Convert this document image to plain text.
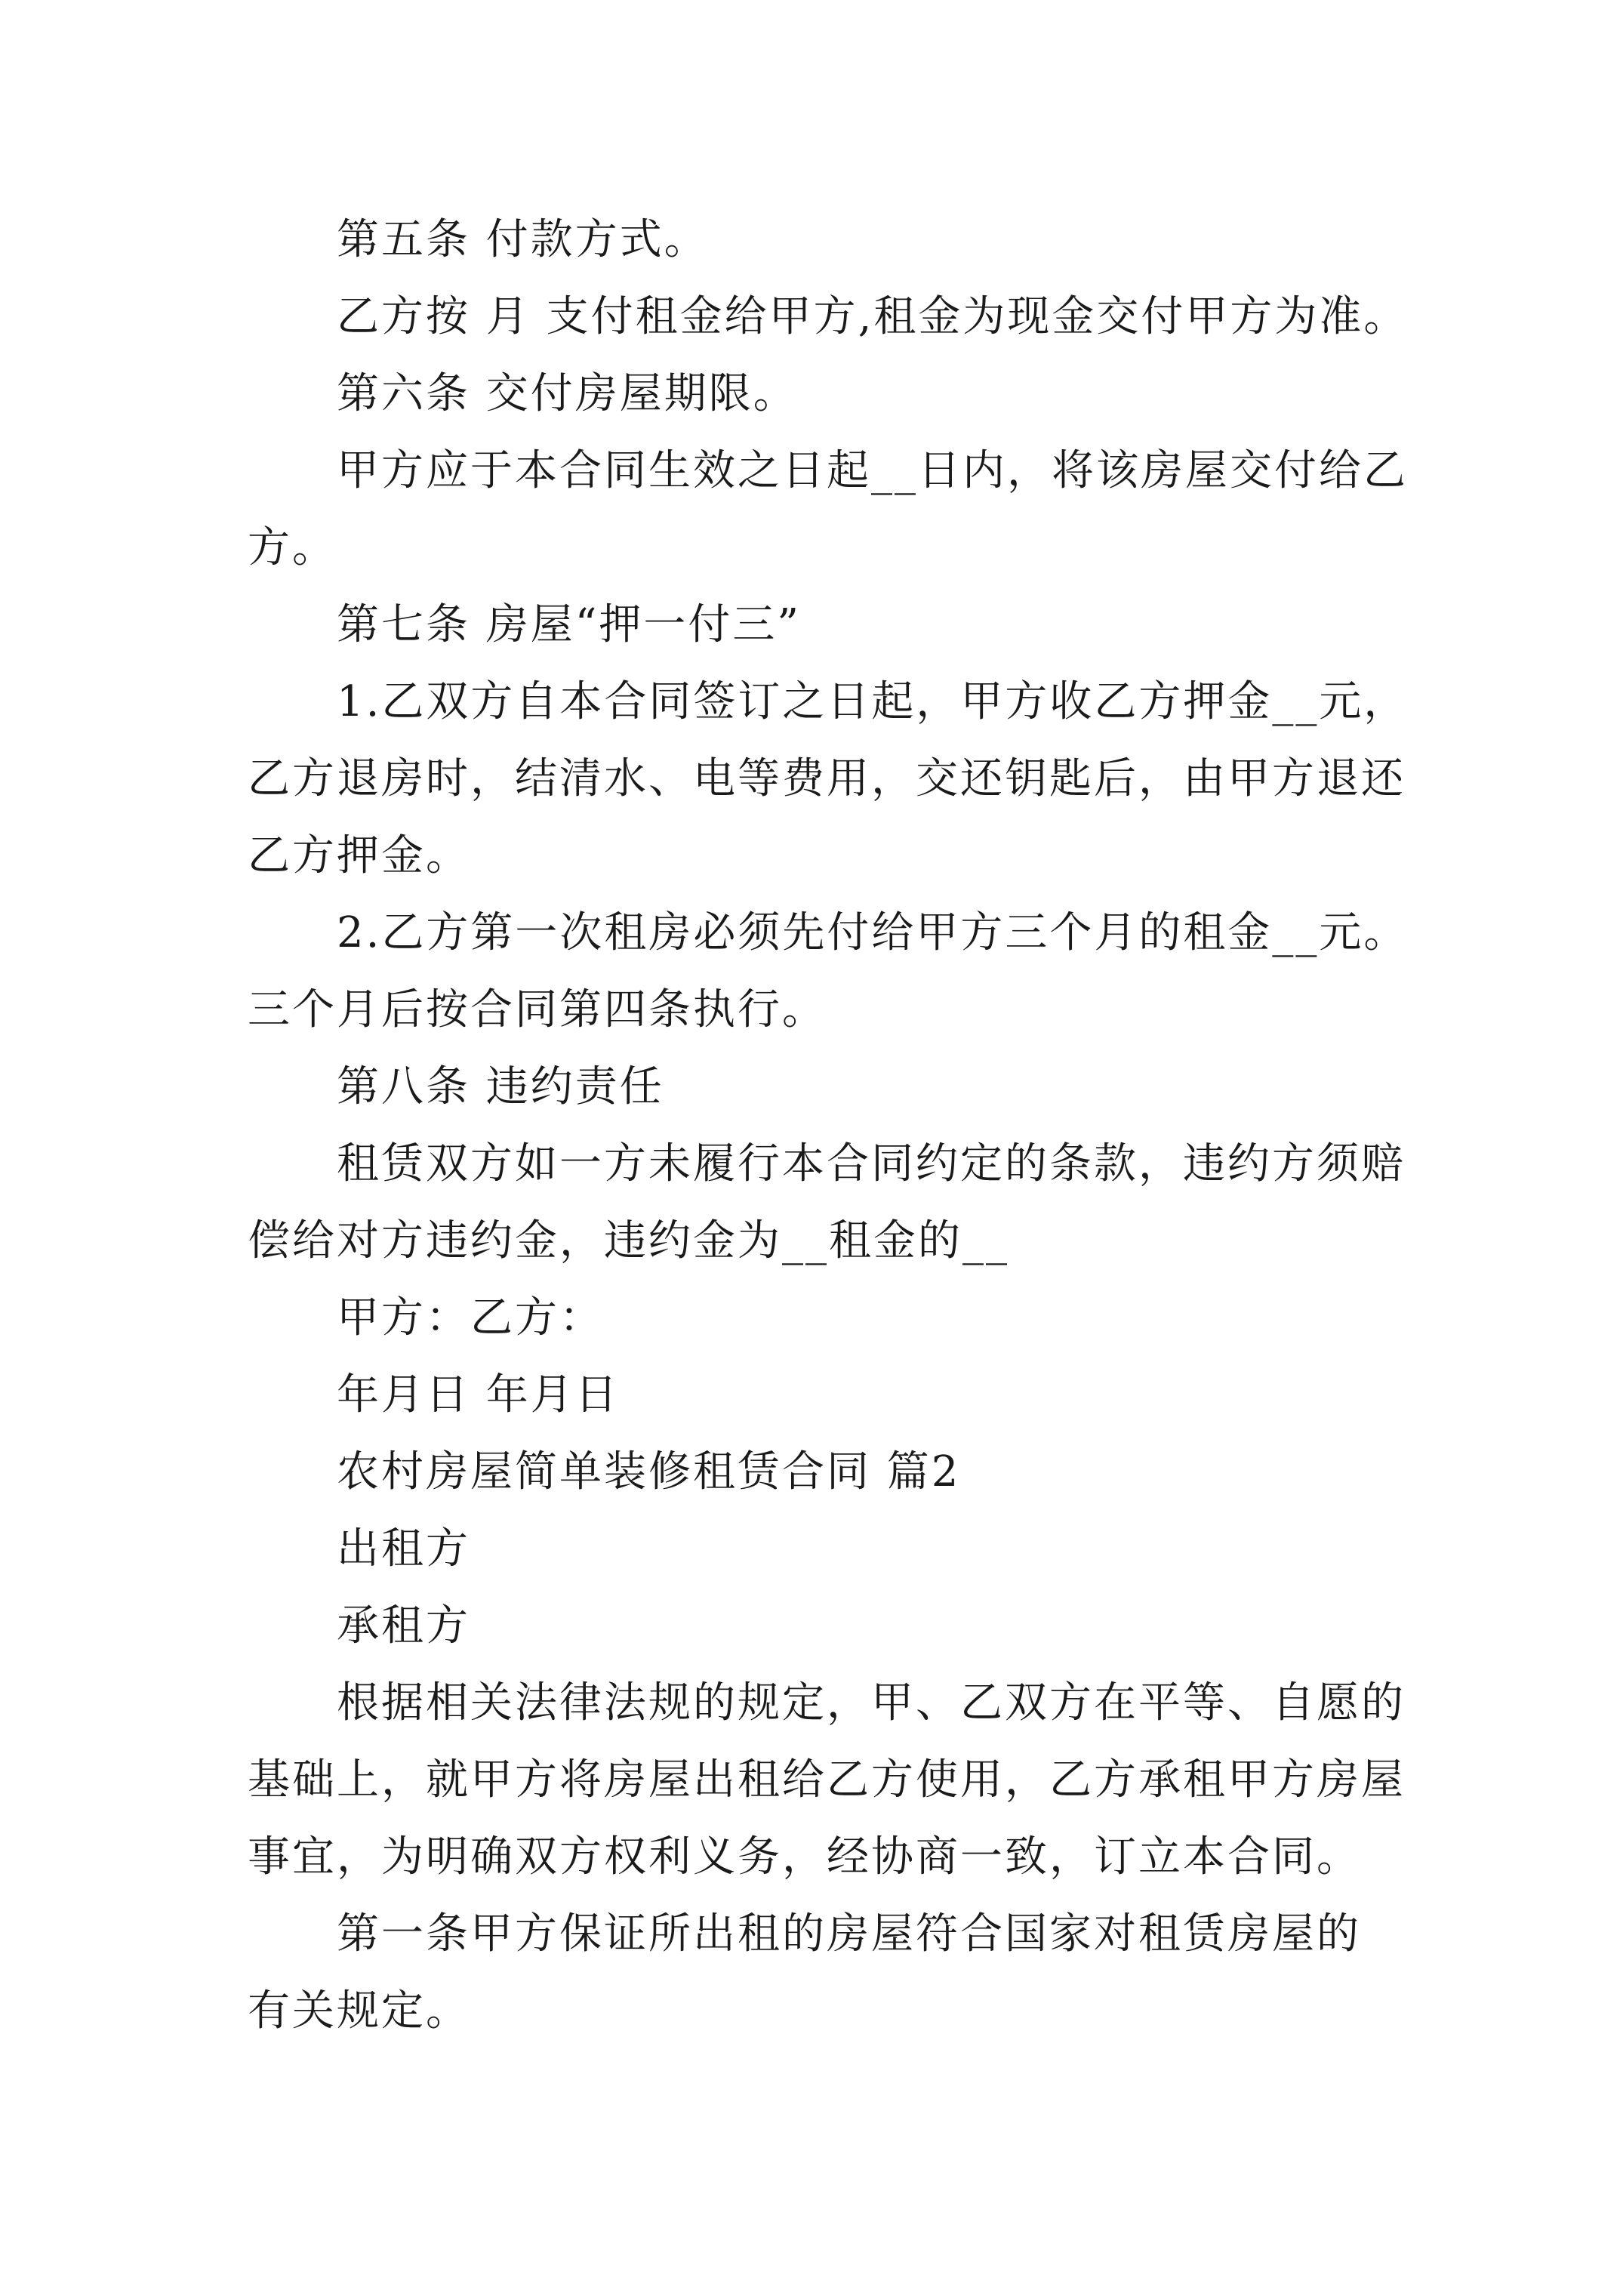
第五条 付款方式。
乙方按 月 支付租金给甲方,租金为现金交付甲方为准。
第六条 交付房屋期限。
甲方应于本合同生效之日起__日内，将该房屋交付给乙
方。
第七条 房屋“押一付三”
1.乙双方自本合同签订之日起，甲方收乙方押金__元，
乙方退房时，结清水、电等费用，交还钥匙后，由甲方退还
乙方押金。
2.乙方第一次租房必须先付给甲方三个月的租金__元。
三个月后按合同第四条执行。
第八条 违约责任
租赁双方如一方未履行本合同约定的条款，违约方须赔
偿给对方违约金，违约金为__租金的__
甲方：乙方：
年月日 年月日
农村房屋简单装修租赁合同 篇2
出租方
承租方
根据相关法律法规的规定，甲、乙双方在平等、自愿的
基础上，就甲方将房屋出租给乙方使用，乙方承租甲方房屋
事宜，为明确双方权利义务，经协商一致，订立本合同。
第一条甲方保证所出租的房屋符合国家对租赁房屋的
有关规定。
